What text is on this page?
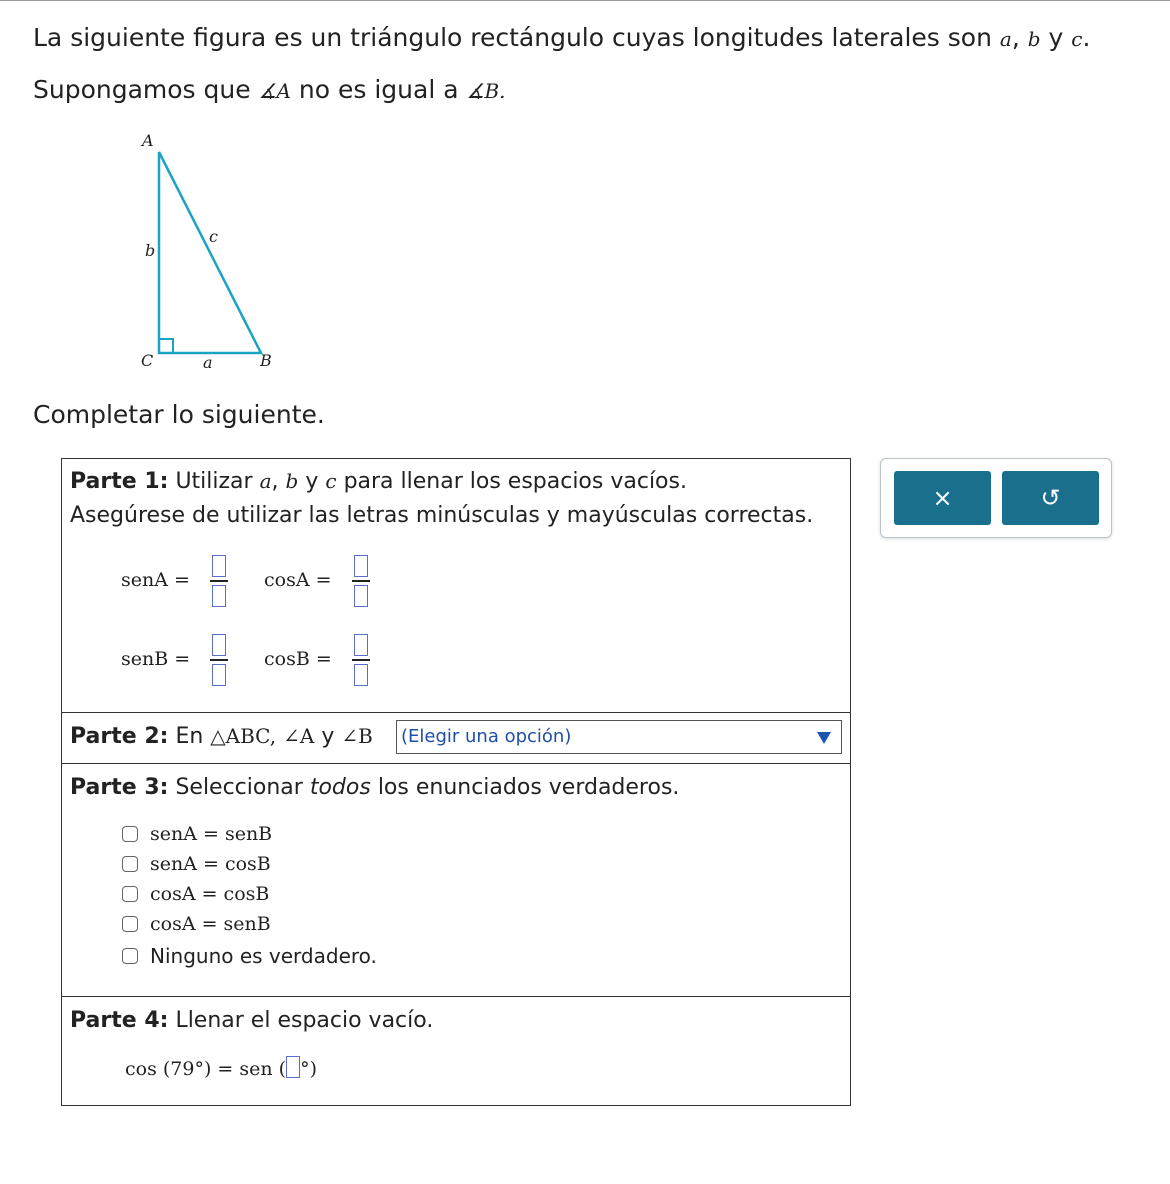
La siguiente figura es un triángulo rectángulo cuyas longitudes laterales son a, b y c.
Supongamos que ∡A no es igual a ∡B.
A
b
c
C	a	B
Completar lo siguiente.
Parte 1: Utilizar a, b y c para llenar los espacios vacíos.
Asegúrese de utilizar las letras minúsculas y mayúsculas correctas.
senA =	cosA =
senB =	cosB =
Parte 2: En △ABC, ∠A y ∠B (Elegir una opción)
Parte 3: Seleccionar todos los enunciados verdaderos.
senA = senB
senA = cosB
cosA = cosB
cosA = senB
Ninguno es verdadero.
Parte 4: Llenar el espacio vacío.
cos (79°) = sen ( °)
×	↺
